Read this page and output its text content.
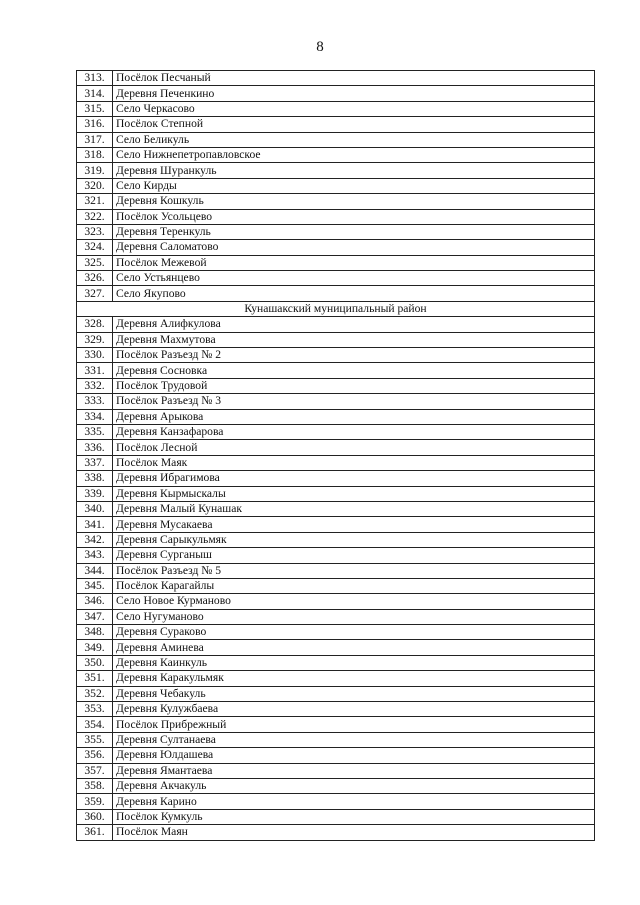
8
313.	Посёлок Песчаный
314.	Деревня Печенкино
315.	Село Черкасово
316.	Посёлок Степной
317.	Село Беликуль
318.	Село Нижнепетропавловское
319.	Деревня Шуранкуль
320.	Село Кирды
321.	Деревня Кошкуль
322.	Посёлок Усольцево
323.	Деревня Теренкуль
324.	Деревня Саломатово
325.	Посёлок Межевой
326.	Село Устьянцево
327.	Село Якупово
Кунашакский муниципальный район	
328.	Деревня Алифкулова
329.	Деревня Махмутова
330.	Посёлок Разъезд № 2
331.	Деревня Сосновка
332.	Посёлок Трудовой
333.	Посёлок Разъезд № 3
334.	Деревня Арыкова
335.	Деревня Канзафарова
336.	Посёлок Лесной
337.	Посёлок Маяк
338.	Деревня Ибрагимова
339.	Деревня Кырмыскалы
340.	Деревня Малый Кунашак
341.	Деревня Мусакаева
342.	Деревня Сарыкульмяк
343.	Деревня Сурганыш
344.	Посёлок Разъезд № 5
345.	Посёлок Карагайлы
346.	Село Новое Курманово
347.	Село Нугуманово
348.	Деревня Сураково
349.	Деревня Аминева
350.	Деревня Каинкуль
351.	Деревня Каракульмяк
352.	Деревня Чебакуль
353.	Деревня Кулужбаева
354.	Посёлок Прибрежный
355.	Деревня Султанаева
356.	Деревня Юлдашева
357.	Деревня Ямантаева
358.	Деревня Акчакуль
359.	Деревня Карино
360.	Посёлок Кумкуль
361.	Посёлок Маян
